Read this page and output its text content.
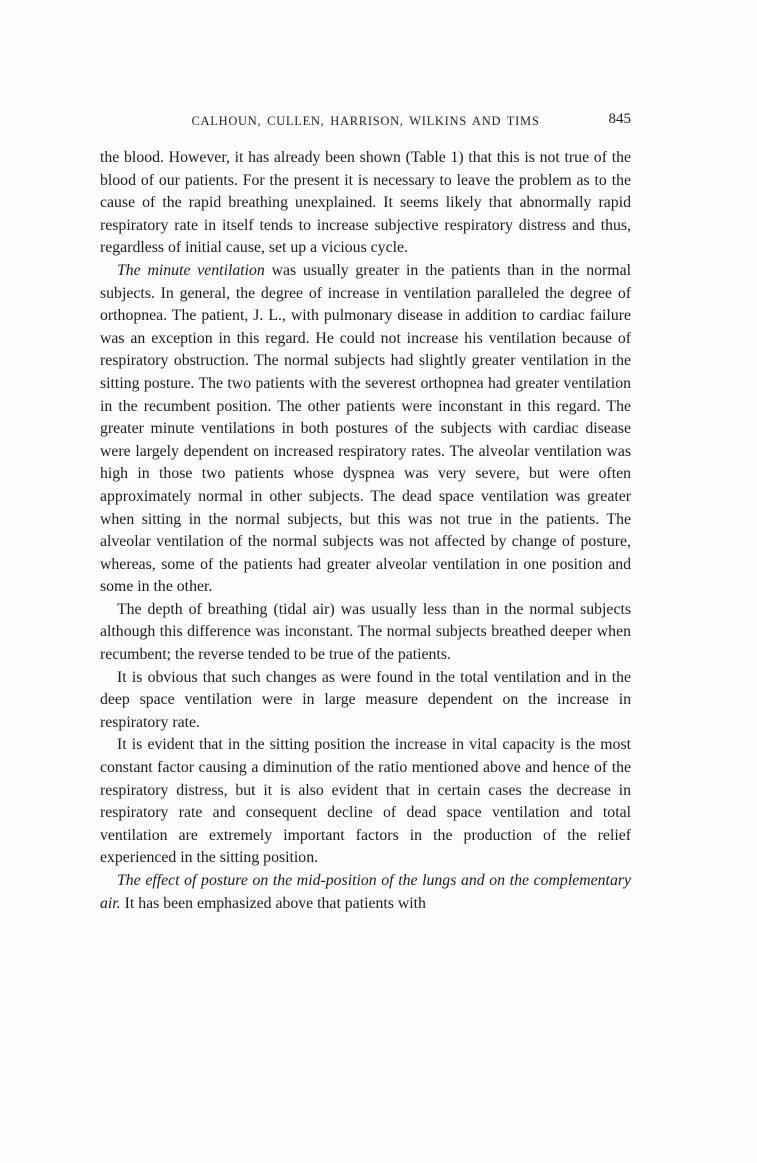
CALHOUN, CULLEN, HARRISON, WILKINS AND TIMS	845

the blood. However, it has already been shown (Table 1) that this is not true of the blood of our patients. For the present it is necessary to leave the problem as to the cause of the rapid breathing unexplained. It seems likely that abnormally rapid respiratory rate in itself tends to increase subjective respiratory distress and thus, regardless of initial cause, set up a vicious cycle.

The minute ventilation was usually greater in the patients than in the normal subjects. In general, the degree of increase in ventilation paralleled the degree of orthopnea. The patient, J. L., with pulmonary disease in addition to cardiac failure was an exception in this regard. He could not increase his ventilation because of respiratory obstruction. The normal subjects had slightly greater ventilation in the sitting posture. The two patients with the severest orthopnea had greater ventilation in the recumbent position. The other patients were inconstant in this regard. The greater minute ventilations in both postures of the subjects with cardiac disease were largely dependent on increased respiratory rates. The alveolar ventilation was high in those two patients whose dyspnea was very severe, but were often approximately normal in other subjects. The dead space ventilation was greater when sitting in the normal subjects, but this was not true in the patients. The alveolar ventilation of the normal subjects was not affected by change of posture, whereas, some of the patients had greater alveolar ventilation in one position and some in the other.

The depth of breathing (tidal air) was usually less than in the normal subjects although this difference was inconstant. The normal subjects breathed deeper when recumbent; the reverse tended to be true of the patients.

It is obvious that such changes as were found in the total ventilation and in the deep space ventilation were in large measure dependent on the increase in respiratory rate.

It is evident that in the sitting position the increase in vital capacity is the most constant factor causing a diminution of the ratio mentioned above and hence of the respiratory distress, but it is also evident that in certain cases the decrease in respiratory rate and consequent decline of dead space ventilation and total ventilation are extremely important factors in the production of the relief experienced in the sitting position.

The effect of posture on the mid-position of the lungs and on the complementary air. It has been emphasized above that patients with
